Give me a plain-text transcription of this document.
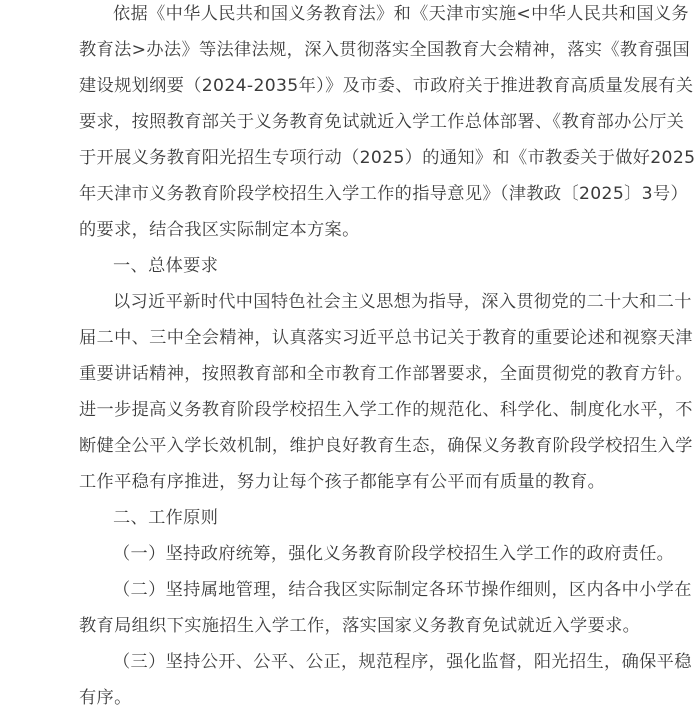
依据《中华人民共和国义务教育法》和《天津市实施<中华人民共和国义务
教育法>办法》等法律法规，深入贯彻落实全国教育大会精神，落实《教育强国
建设规划纲要（2024-2035年）》及市委、市政府关于推进教育高质量发展有关
要求，按照教育部关于义务教育免试就近入学工作总体部署、《教育部办公厅关
于开展义务教育阳光招生专项行动（2025）的通知》和《市教委关于做好2025
年天津市义务教育阶段学校招生入学工作的指导意见》（津教政〔2025〕3号）
的要求，结合我区实际制定本方案。
一、总体要求
以习近平新时代中国特色社会主义思想为指导，深入贯彻党的二十大和二十
届二中、三中全会精神，认真落实习近平总书记关于教育的重要论述和视察天津
重要讲话精神，按照教育部和全市教育工作部署要求，全面贯彻党的教育方针。
进一步提高义务教育阶段学校招生入学工作的规范化、科学化、制度化水平，不
断健全公平入学长效机制，维护良好教育生态，确保义务教育阶段学校招生入学
工作平稳有序推进，努力让每个孩子都能享有公平而有质量的教育。
二、工作原则
（一）坚持政府统筹，强化义务教育阶段学校招生入学工作的政府责任。
（二）坚持属地管理，结合我区实际制定各环节操作细则，区内各中小学在
教育局组织下实施招生入学工作，落实国家义务教育免试就近入学要求。
（三）坚持公开、公平、公正，规范程序，强化监督，阳光招生，确保平稳
有序。
